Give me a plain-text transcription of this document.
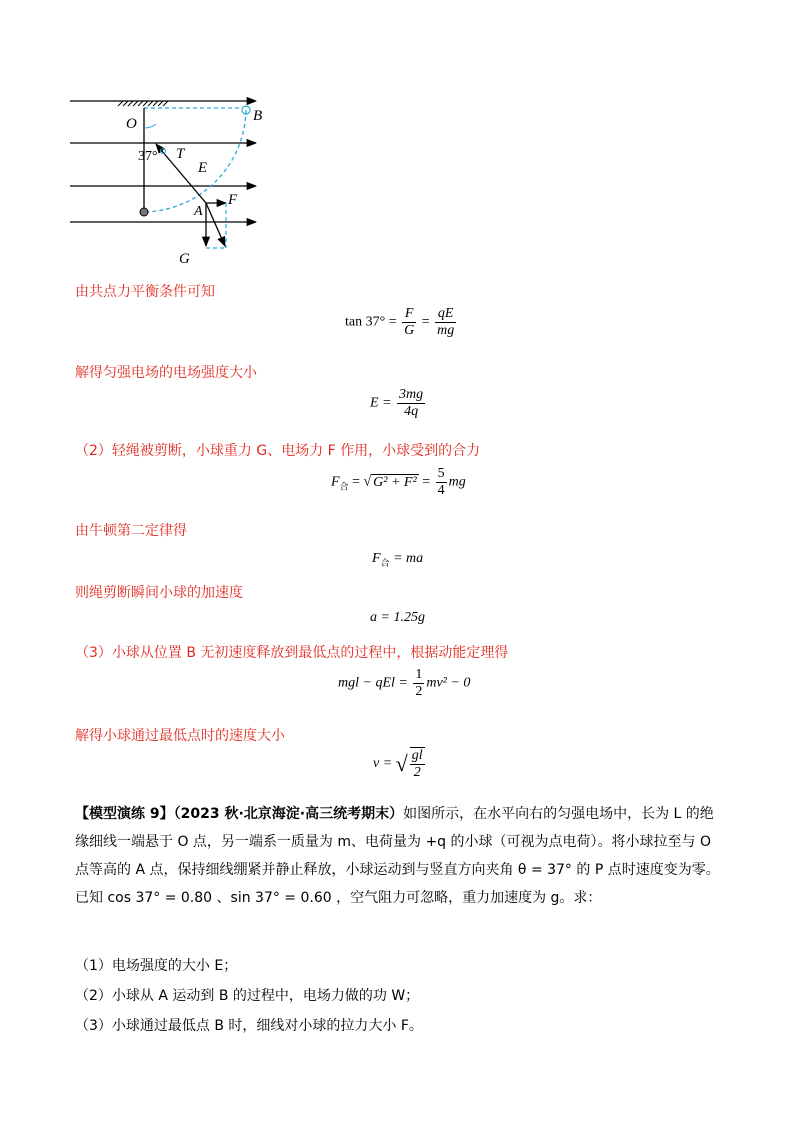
O	B
37° T
E
F
A
G
由共点力平衡条件可知
$\tan 37^\circ = \frac{F}{G} = \frac{qE}{mg}$
解得匀强电场的电场强度大小
$E = \frac{3mg}{4q}$
（2）轻绳被剪断，小球重力 G、电场力 F 作用，小球受到的合力
$F_合$ = √ $G^2 + F^2 = \frac{5}{4}$ mg
由牛顿第二定律得
$F_合$ = ma
则绳剪断瞬间小球的加速度
a = 1.25g
（3）小球从位置 B 无初速度释放到最低点的过程中，根据动能定理得
mgl − qEl = $\frac{1}{2} mv^2 - 0$
解得小球通过最低点时的速度大小
v = √ $\frac{gl}{2}$
【模型演练 9】（2023 秋·北京海淀·高三统考期末）如图所示，在水平向右的匀强电场中，长为 L 的绝缘细线一端悬于 O 点，另一端系一质量为 m、电荷量为 +q 的小球（可视为点电荷）。将小球拉至与 O 点等高的 A 点，保持细线绷紧并静止释放，小球运动到与竖直方向夹角 θ = 37° 的 P 点时速度变为零。已知 cos 37° = 0.80 、sin 37° = 0.60 ，空气阻力可忽略，重力加速度为 g。求：
（1）电场强度的大小 E；
（2）小球从 A 运动到 B 的过程中，电场力做的功 W；
（3）小球通过最低点 B 时，细线对小球的拉力大小 F。
